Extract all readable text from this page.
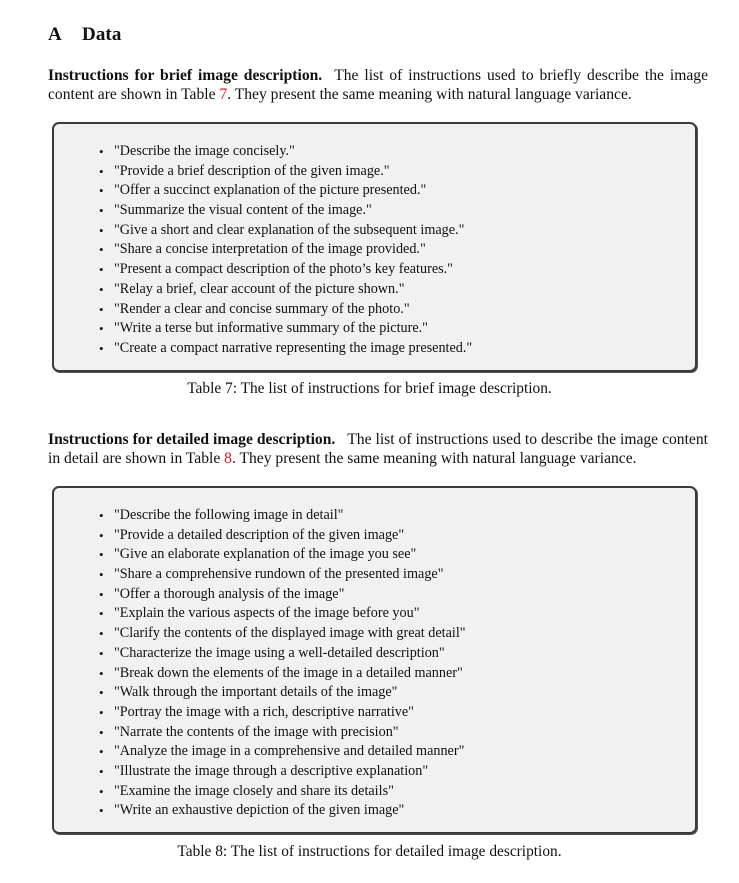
A Data

Instructions for brief image description. The list of instructions used to briefly describe the image content are shown in Table 7. They present the same meaning with natural language variance.

• "Describe the image concisely."
• "Provide a brief description of the given image."
• "Offer a succinct explanation of the picture presented."
• "Summarize the visual content of the image."
• "Give a short and clear explanation of the subsequent image."
• "Share a concise interpretation of the image provided."
• "Present a compact description of the photo’s key features."
• "Relay a brief, clear account of the picture shown."
• "Render a clear and concise summary of the photo."
• "Write a terse but informative summary of the picture."
• "Create a compact narrative representing the image presented."

Table 7: The list of instructions for brief image description.

Instructions for detailed image description. The list of instructions used to describe the image content in detail are shown in Table 8. They present the same meaning with natural language variance.

• "Describe the following image in detail"
• "Provide a detailed description of the given image"
• "Give an elaborate explanation of the image you see"
• "Share a comprehensive rundown of the presented image"
• "Offer a thorough analysis of the image"
• "Explain the various aspects of the image before you"
• "Clarify the contents of the displayed image with great detail"
• "Characterize the image using a well-detailed description"
• "Break down the elements of the image in a detailed manner"
• "Walk through the important details of the image"
• "Portray the image with a rich, descriptive narrative"
• "Narrate the contents of the image with precision"
• "Analyze the image in a comprehensive and detailed manner"
• "Illustrate the image through a descriptive explanation"
• "Examine the image closely and share its details"
• "Write an exhaustive depiction of the given image"

Table 8: The list of instructions for detailed image description.
